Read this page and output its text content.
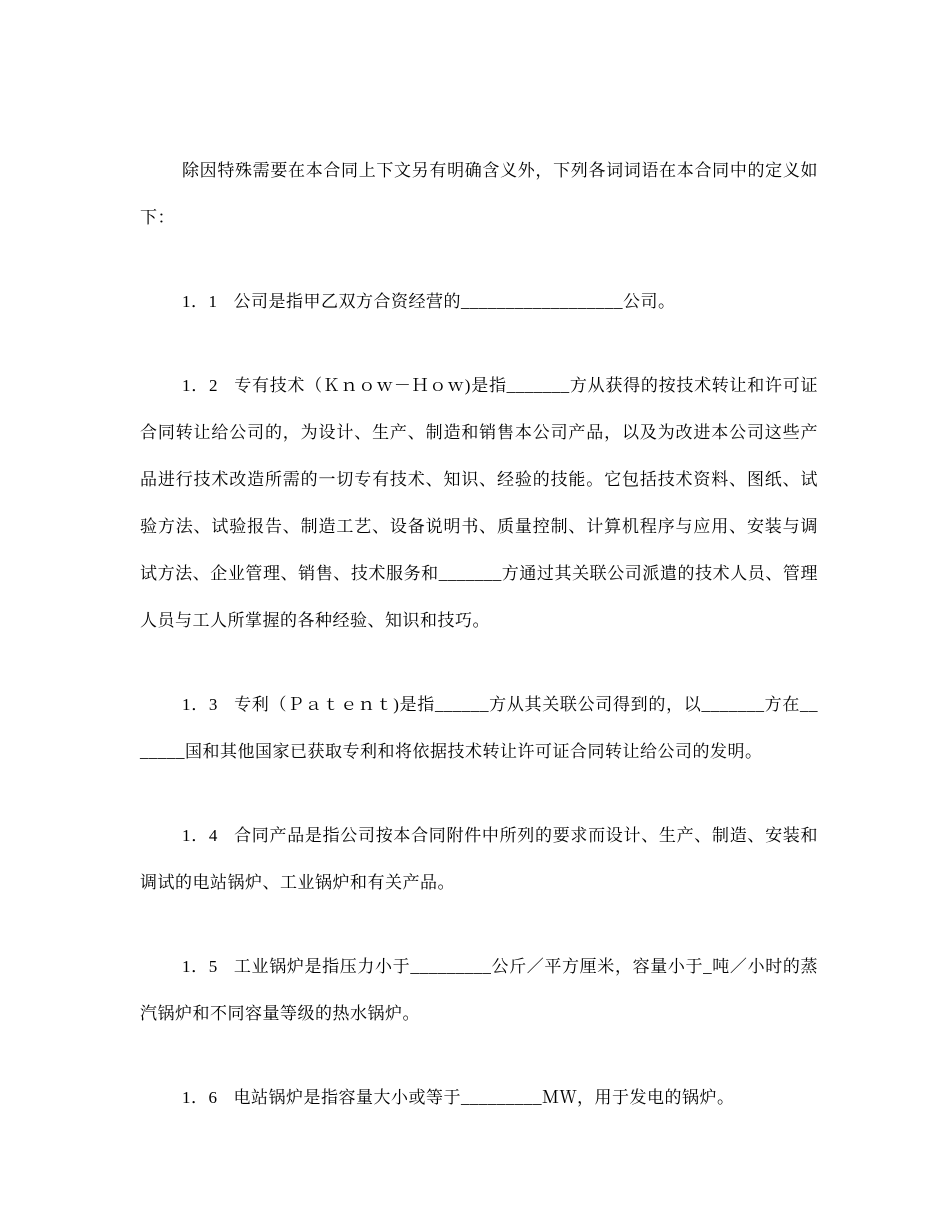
除因特殊需要在本合同上下文另有明确含义外，下列各词词语在本合同中的定义如下：

1．1 公司是指甲乙双方合资经营的__________________公司。

1．2 专有技术（Ｋｎｏｗ－Ｈｏｗ)是指_______方从获得的按技术转让和许可证合同转让给公司的，为设计、生产、制造和销售本公司产品，以及为改进本公司这些产品进行技术改造所需的一切专有技术、知识、经验的技能。它包括技术资料、图纸、试验方法、试验报告、制造工艺、设备说明书、质量控制、计算机程序与应用、安装与调试方法、企业管理、销售、技术服务和_______方通过其关联公司派遣的技术人员、管理人员与工人所掌握的各种经验、知识和技巧。

1．3 专利（Ｐａｔｅｎｔ)是指______方从其关联公司得到的，以_______方在_______国和其他国家已获取专利和将依据技术转让许可证合同转让给公司的发明。

1．4 合同产品是指公司按本合同附件中所列的要求而设计、生产、制造、安装和调试的电站锅炉、工业锅炉和有关产品。

1．5 工业锅炉是指压力小于_________公斤／平方厘米，容量小于_吨／小时的蒸汽锅炉和不同容量等级的热水锅炉。

1．6 电站锅炉是指容量大小或等于_________ＭＷ，用于发电的锅炉。
